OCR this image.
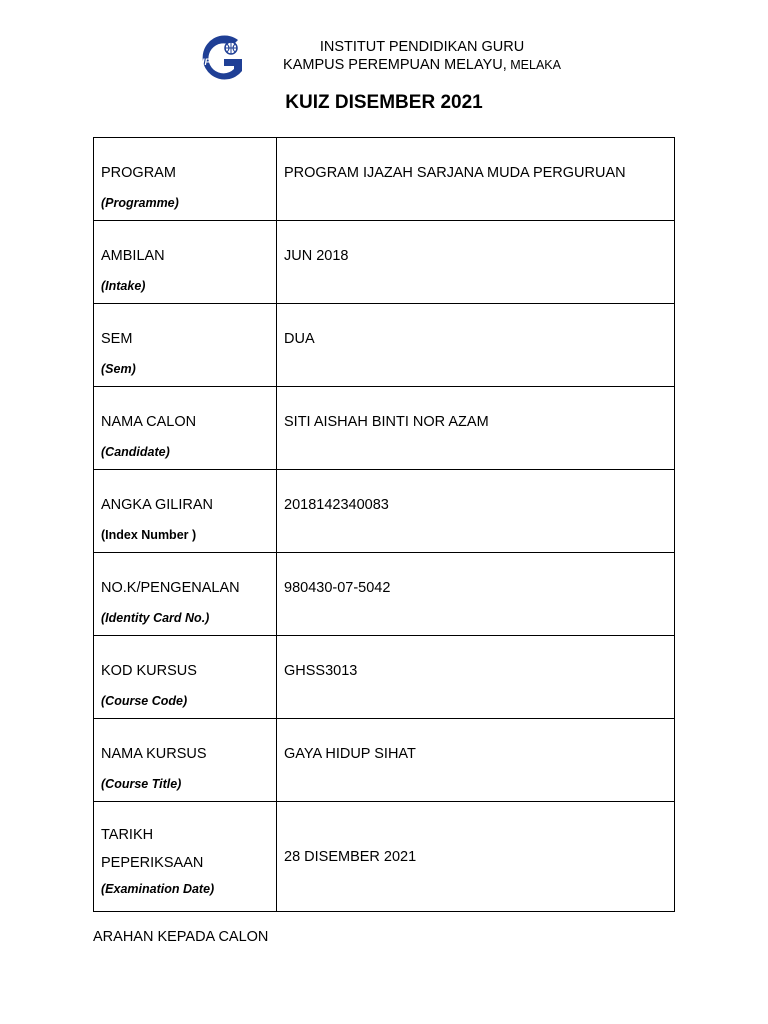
IPG
INSTITUT PENDIDIKAN GURU
KAMPUS PEREMPUAN MELAYU, MELAKA
KUIZ DISEMBER 2021
PROGRAM
(Programme)	PROGRAM IJAZAH SARJANA MUDA PERGURUAN

AMBILAN
(Intake)	JUN 2018

SEM
(Sem)	DUA

NAMA CALON
(Candidate)	SITI AISHAH BINTI NOR AZAM

ANGKA GILIRAN
(Index Number )	2018142340083

NO.K/PENGENALAN
(Identity Card No.)	980430-07-5042

KOD KURSUS
(Course Code)	GHSS3013

NAMA KURSUS
(Course Title)	GAYA HIDUP SIHAT

TARIKH
PEPERIKSAAN
(Examination Date)	28 DISEMBER 2021
ARAHAN KEPADA CALON
